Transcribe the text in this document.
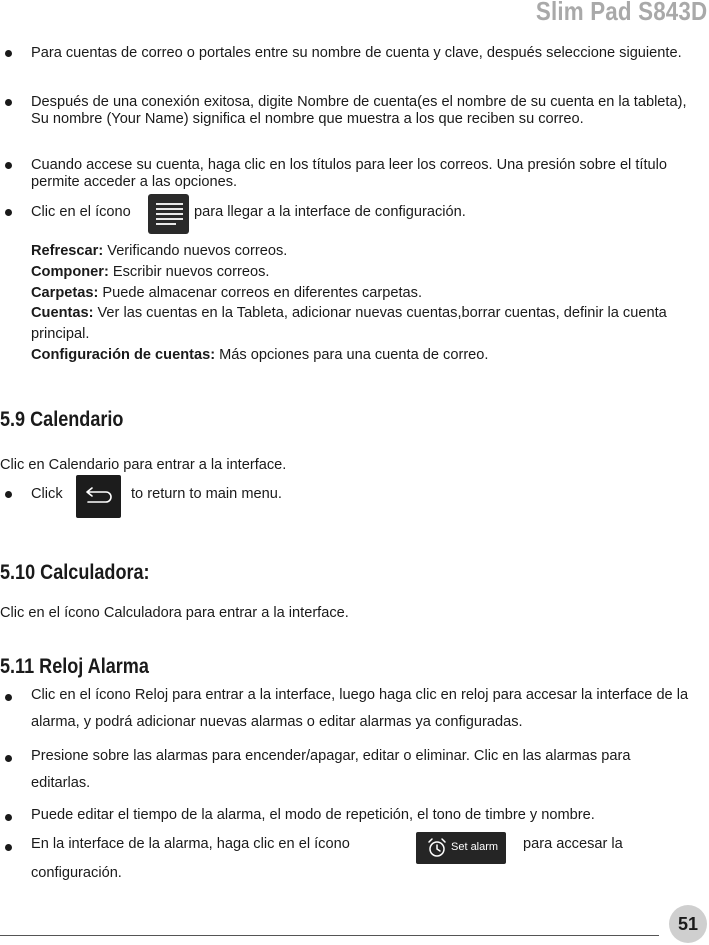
Slim Pad S843D
Para cuentas de correo o portales entre su nombre de cuenta y clave, después seleccione siguiente.
Después de una conexión exitosa, digite Nombre de cuenta(es el nombre de su cuenta en la tableta), Su nombre (Your Name) significa el nombre que muestra a los que reciben su correo.
Cuando accese su cuenta, haga clic en los títulos para leer los correos. Una presión sobre el título permite acceder a las opciones.
Clic en el ícono	para llegar a la interface de configuración.
Refrescar: Verificando nuevos correos.
Componer: Escribir nuevos correos.
Carpetas: Puede almacenar correos en diferentes carpetas.
Cuentas: Ver las cuentas en la Tableta, adicionar nuevas cuentas,borrar cuentas, definir la cuenta principal.
Configuración de cuentas: Más opciones para una cuenta de correo.
5.9 Calendario
Clic en Calendario para entrar a la interface.
Click	to return to main menu.
5.10 Calculadora:
Clic en el ícono Calculadora para entrar a la interface.
5.11 Reloj Alarma
Clic en el ícono Reloj para entrar a la interface, luego haga clic en reloj para accesar la interface de la alarma, y podrá adicionar nuevas alarmas o editar alarmas ya configuradas.
Presione sobre las alarmas para encender/apagar, editar o eliminar. Clic en las alarmas para editarlas.
Puede editar el tiempo de la alarma, el modo de repetición, el tono de timbre y nombre.
En la interface de la alarma, haga clic en el ícono	Set alarm para accesar la
51
configuración.
